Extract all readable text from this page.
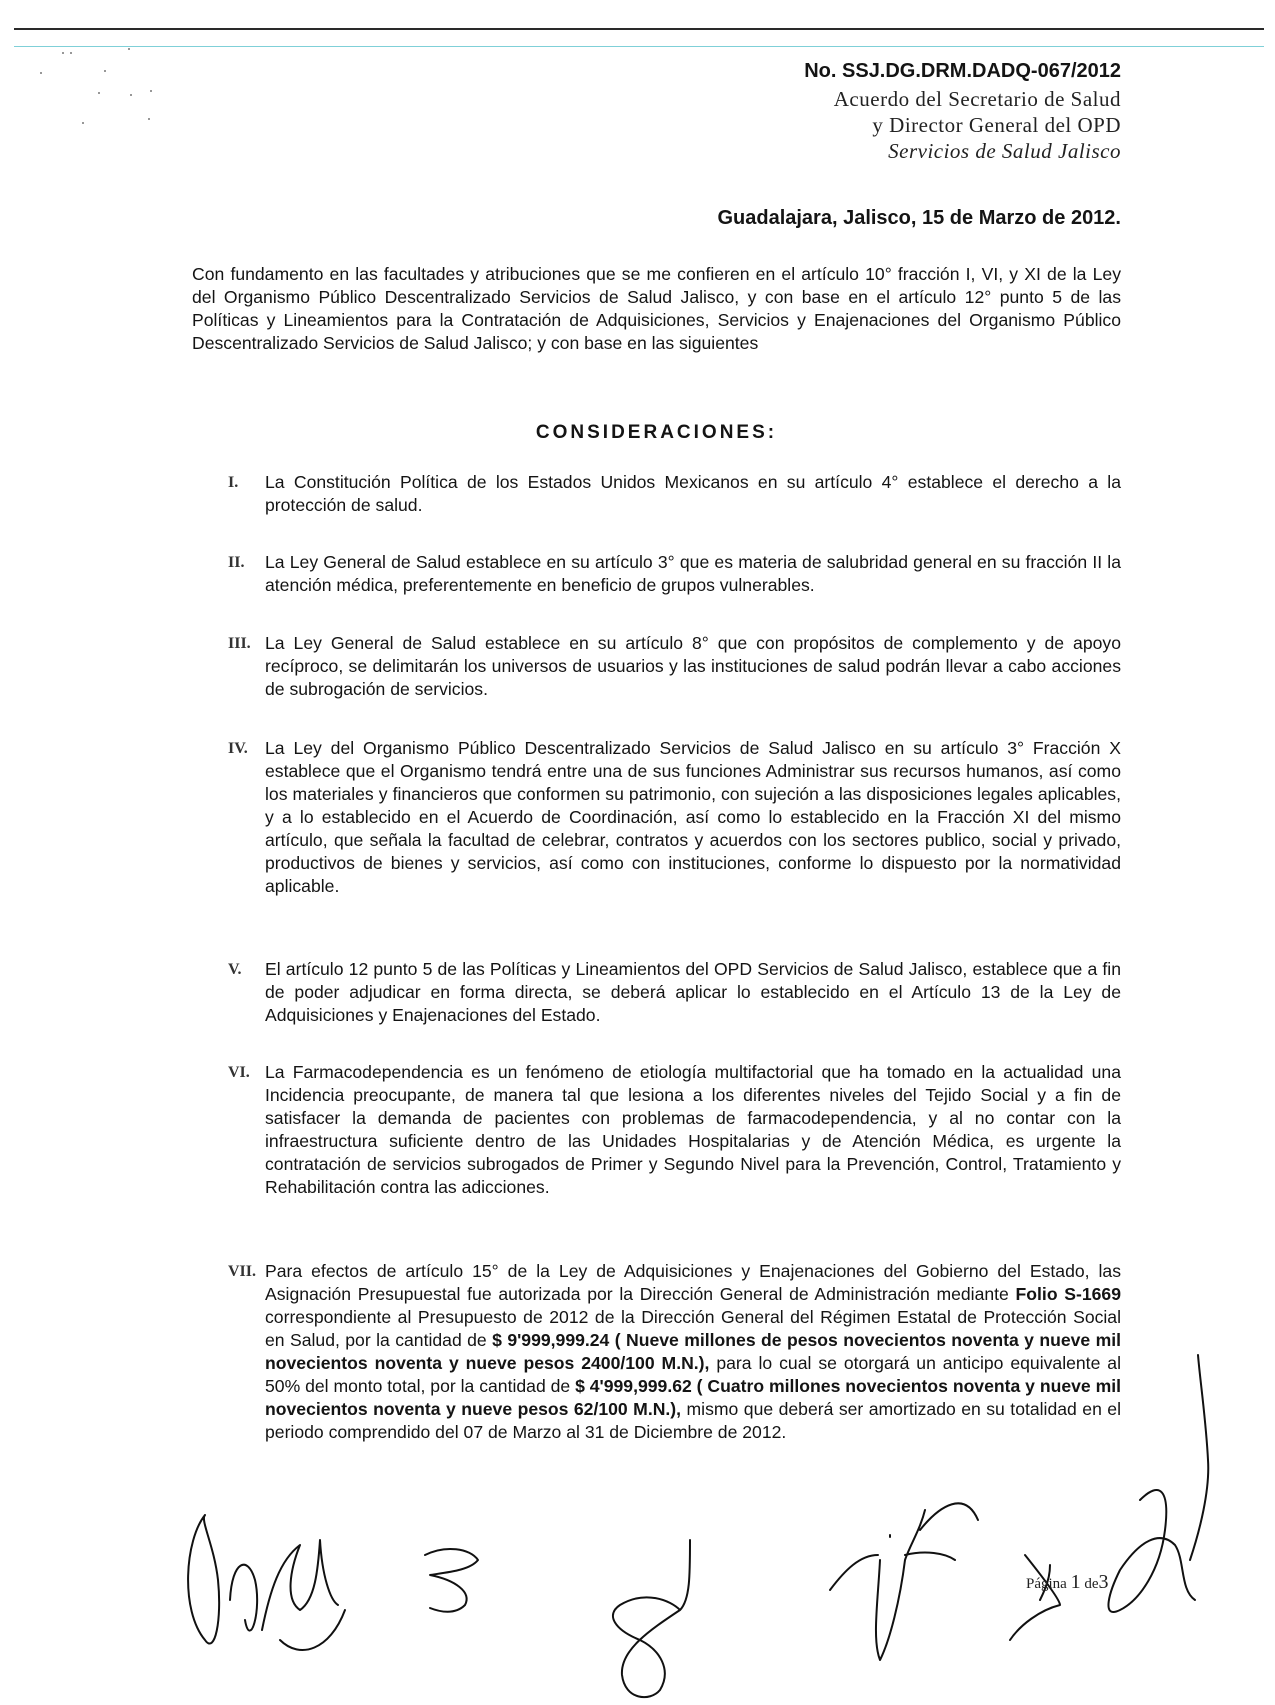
No. SSJ.DG.DRM.DADQ-067/2012
Acuerdo del Secretario de Salud
y Director General del OPD
Servicios de Salud Jalisco
Guadalajara, Jalisco, 15 de Marzo de 2012.
Con fundamento en las facultades y atribuciones que se me confieren en el artículo 10° fracción I, VI, y XI de la Ley del Organismo Público Descentralizado Servicios de Salud Jalisco, y con base en el artículo 12° punto 5 de las Políticas y Lineamientos para la Contratación de Adquisiciones, Servicios y Enajenaciones del Organismo Público Descentralizado Servicios de Salud Jalisco; y con base en las siguientes
CONSIDERACIONES:
I. La Constitución Política de los Estados Unidos Mexicanos en su artículo 4° establece el derecho a la protección de salud.
II. La Ley General de Salud establece en su artículo 3° que es materia de salubridad general en su fracción II la atención médica, preferentemente en beneficio de grupos vulnerables.
III. La Ley General de Salud establece en su artículo 8° que con propósitos de complemento y de apoyo recíproco, se delimitarán los universos de usuarios y las instituciones de salud podrán llevar a cabo acciones de subrogación de servicios.
IV. La Ley del Organismo Público Descentralizado Servicios de Salud Jalisco en su artículo 3° Fracción X establece que el Organismo tendrá entre una de sus funciones Administrar sus recursos humanos, así como los materiales y financieros que conformen su patrimonio, con sujeción a las disposiciones legales aplicables, y a lo establecido en el Acuerdo de Coordinación, así como lo establecido en la Fracción XI del mismo artículo, que señala la facultad de celebrar, contratos y acuerdos con los sectores publico, social y privado, productivos de bienes y servicios, así como con instituciones, conforme lo dispuesto por la normatividad aplicable.
V. El artículo 12 punto 5 de las Políticas y Lineamientos del OPD Servicios de Salud Jalisco, establece que a fin de poder adjudicar en forma directa, se deberá aplicar lo establecido en el Artículo 13 de la Ley de Adquisiciones y Enajenaciones del Estado.
VI. La Farmacodependencia es un fenómeno de etiología multifactorial que ha tomado en la actualidad una Incidencia preocupante, de manera tal que lesiona a los diferentes niveles del Tejido Social y a fin de satisfacer la demanda de pacientes con problemas de farmacodependencia, y al no contar con la infraestructura suficiente dentro de las Unidades Hospitalarias y de Atención Médica, es urgente la contratación de servicios subrogados de Primer y Segundo Nivel para la Prevención, Control, Tratamiento y Rehabilitación contra las adicciones.
VII. Para efectos de artículo 15° de la Ley de Adquisiciones y Enajenaciones del Gobierno del Estado, las Asignación Presupuestal fue autorizada por la Dirección General de Administración mediante Folio S-1669 correspondiente al Presupuesto de 2012 de la Dirección General del Régimen Estatal de Protección Social en Salud, por la cantidad de $ 9'999,999.24 ( Nueve millones de pesos novecientos noventa y nueve mil novecientos noventa y nueve pesos 2400/100 M.N.), para lo cual se otorgará un anticipo equivalente al 50% del monto total, por la cantidad de $ 4'999,999.62 ( Cuatro millones novecientos noventa y nueve mil novecientos noventa y nueve pesos 62/100 M.N.), mismo que deberá ser amortizado en su totalidad en el periodo comprendido del 07 de Marzo al 31 de Diciembre de 2012.
Página 1 de3
